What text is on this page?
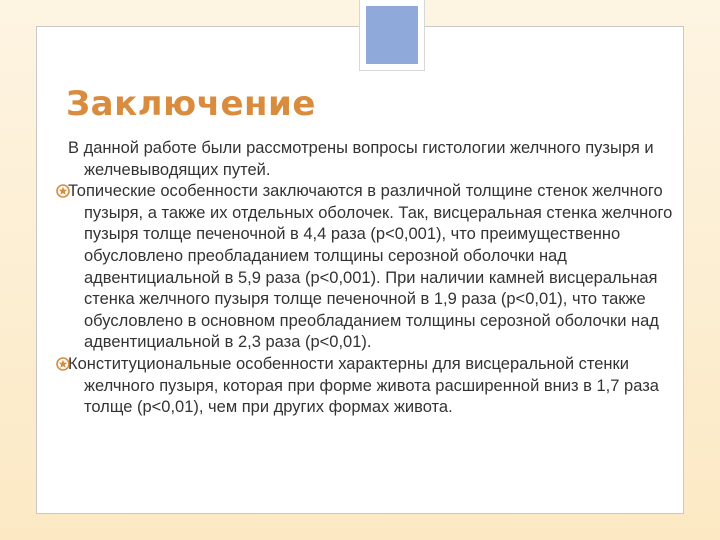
Заключение

В данной работе были рассмотрены вопросы гистологии желчного пузыря и желчевыводящих путей.

Топические особенности заключаются в различной толщине стенок желчного пузыря, а также их отдельных оболочек. Так, висцеральная стенка желчного пузыря толще печеночной в 4,4 раза (р<0,001), что преимущественно обусловлено преобладанием толщины серозной оболочки над адвентициальной в 5,9 раза (р<0,001). При наличии камней висцеральная стенка желчного пузыря толще печеночной в 1,9 раза (р<0,01), что также обусловлено в основном преобладанием толщины серозной оболочки над адвентициальной в 2,3 раза (р<0,01).

Конституциональные особенности характерны для висцеральной стенки желчного пузыря, которая при форме живота расширенной вниз в 1,7 раза толще (р<0,01), чем при других формах живота.
